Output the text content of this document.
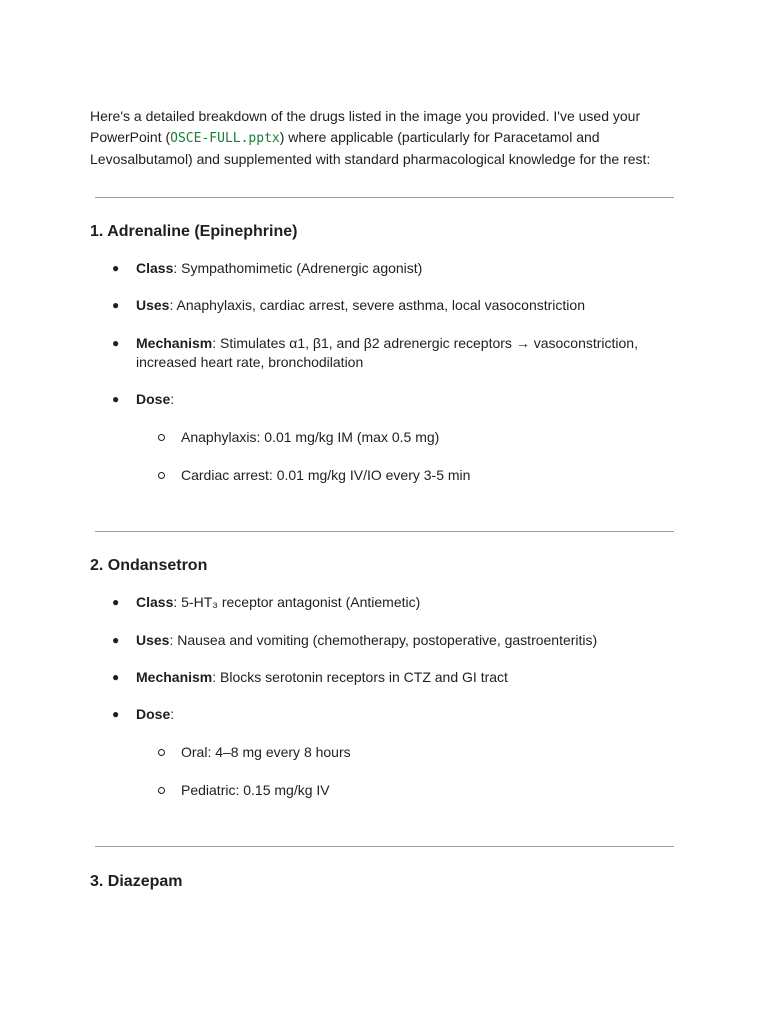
Here's a detailed breakdown of the drugs listed in the image you provided. I've used your PowerPoint (OSCE-FULL.pptx) where applicable (particularly for Paracetamol and Levosalbutamol) and supplemented with standard pharmacological knowledge for the rest:

1. Adrenaline (Epinephrine)
● Class: Sympathomimetic (Adrenergic agonist)
● Uses: Anaphylaxis, cardiac arrest, severe asthma, local vasoconstriction
● Mechanism: Stimulates α1, β1, and β2 adrenergic receptors → vasoconstriction, increased heart rate, bronchodilation
● Dose:
Anaphylaxis: 0.01 mg/kg IM (max 0.5 mg)
Cardiac arrest: 0.01 mg/kg IV/IO every 3-5 min
2. Ondansetron
● Class: 5-HT₃ receptor antagonist (Antiemetic)
● Uses: Nausea and vomiting (chemotherapy, postoperative, gastroenteritis)
● Mechanism: Blocks serotonin receptors in CTZ and GI tract
● Dose:
Oral: 4–8 mg every 8 hours
Pediatric: 0.15 mg/kg IV
3. Diazepam
